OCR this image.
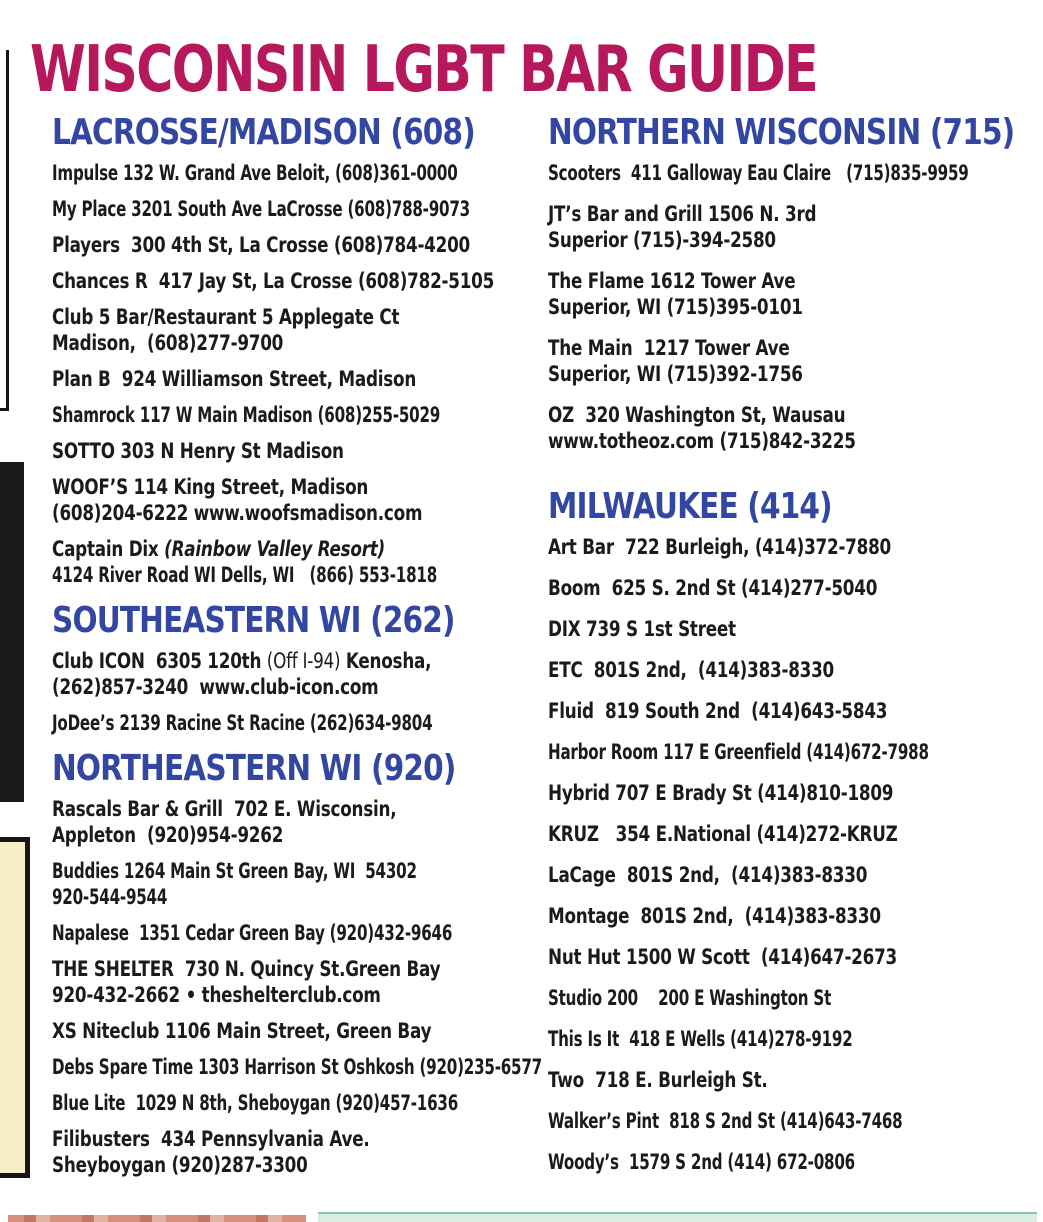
WISCONSIN LGBT BAR GUIDE
LACROSSE/MADISON (608)
Impulse 132 W. Grand Ave Beloit, (608)361-0000
My Place 3201 South Ave LaCrosse (608)788-9073
Players  300 4th St, La Crosse (608)784-4200
Chances R  417 Jay St, La Crosse (608)782-5105
Club 5 Bar/Restaurant 5 Applegate Ct
Madison,  (608)277-9700
Plan B  924 Williamson Street, Madison
Shamrock 117 W Main Madison (608)255-5029
SOTTO 303 N Henry St Madison
WOOF’S 114 King Street, Madison
(608)204-6222 www.woofsmadison.com
Captain Dix (Rainbow Valley Resort)
4124 River Road WI Dells, WI   (866) 553-1818
SOUTHEASTERN WI (262)
Club ICON  6305 120th (Off I-94) Kenosha,
(262)857-3240  www.club-icon.com
JoDee’s 2139 Racine St Racine (262)634-9804
NORTHEASTERN WI (920)
Rascals Bar & Grill  702 E. Wisconsin,
Appleton  (920)954-9262
Buddies 1264 Main St Green Bay, WI  54302
920-544-9544
Napalese  1351 Cedar Green Bay (920)432-9646
THE SHELTER  730 N. Quincy St.Green Bay
920-432-2662 • theshelterclub.com
XS Niteclub 1106 Main Street, Green Bay
Debs Spare Time 1303 Harrison St Oshkosh (920)235-6577
Blue Lite  1029 N 8th, Sheboygan (920)457-1636
Filibusters  434 Pennsylvania Ave.
Sheyboygan (920)287-3300
NORTHERN WISCONSIN (715)
Scooters  411 Galloway Eau Claire   (715)835-9959
JT’s Bar and Grill 1506 N. 3rd
Superior (715)-394-2580
The Flame 1612 Tower Ave
Superior, WI (715)395-0101
The Main  1217 Tower Ave
Superior, WI (715)392-1756
OZ  320 Washington St, Wausau
www.totheoz.com (715)842-3225
MILWAUKEE (414)
Art Bar  722 Burleigh, (414)372-7880
Boom  625 S. 2nd St (414)277-5040
DIX 739 S 1st Street
ETC  801S 2nd,  (414)383-8330
Fluid  819 South 2nd  (414)643-5843
Harbor Room 117 E Greenfield (414)672-7988
Hybrid 707 E Brady St (414)810-1809
KRUZ   354 E.National (414)272-KRUZ
LaCage  801S 2nd,  (414)383-8330
Montage  801S 2nd,  (414)383-8330
Nut Hut 1500 W Scott  (414)647-2673
Studio 200    200 E Washington St
This Is It  418 E Wells (414)278-9192
Two  718 E. Burleigh St.
Walker’s Pint  818 S 2nd St (414)643-7468
Woody’s  1579 S 2nd (414) 672-0806
